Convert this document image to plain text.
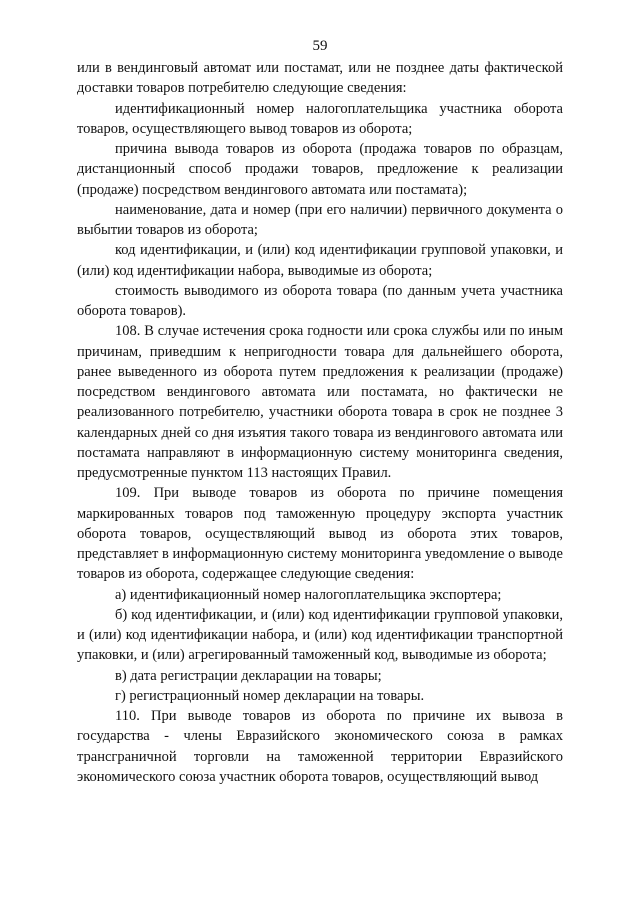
59

или в вендинговый автомат или постамат, или не позднее даты фактической доставки товаров потребителю следующие сведения:

идентификационный номер налогоплательщика участника оборота товаров, осуществляющего вывод товаров из оборота;

причина вывода товаров из оборота (продажа товаров по образцам, дистанционный способ продажи товаров, предложение к реализации (продаже) посредством вендингового автомата или постамата);

наименование, дата и номер (при его наличии) первичного документа о выбытии товаров из оборота;

код идентификации, и (или) код идентификации групповой упаковки, и (или) код идентификации набора, выводимые из оборота;

стоимость выводимого из оборота товара (по данным учета участника оборота товаров).

108. В случае истечения срока годности или срока службы или по иным причинам, приведшим к непригодности товара для дальнейшего оборота, ранее выведенного из оборота путем предложения к реализации (продаже) посредством вендингового автомата или постамата, но фактически не реализованного потребителю, участники оборота товара в срок не позднее 3 календарных дней со дня изъятия такого товара из вендингового автомата или постамата направляют в информационную систему мониторинга сведения, предусмотренные пунктом 113 настоящих Правил.

109. При выводе товаров из оборота по причине помещения маркированных товаров под таможенную процедуру экспорта участник оборота товаров, осуществляющий вывод из оборота этих товаров, представляет в информационную систему мониторинга уведомление о выводе товаров из оборота, содержащее следующие сведения:

а) идентификационный номер налогоплательщика экспортера;

б) код идентификации, и (или) код идентификации групповой упаковки, и (или) код идентификации набора, и (или) код идентификации транспортной упаковки, и (или) агрегированный таможенный код, выводимые из оборота;

в) дата регистрации декларации на товары;

г) регистрационный номер декларации на товары.

110. При выводе товаров из оборота по причине их вывоза в государства - члены Евразийского экономического союза в рамках трансграничной торговли на таможенной территории Евразийского экономического союза участник оборота товаров, осуществляющий вывод
